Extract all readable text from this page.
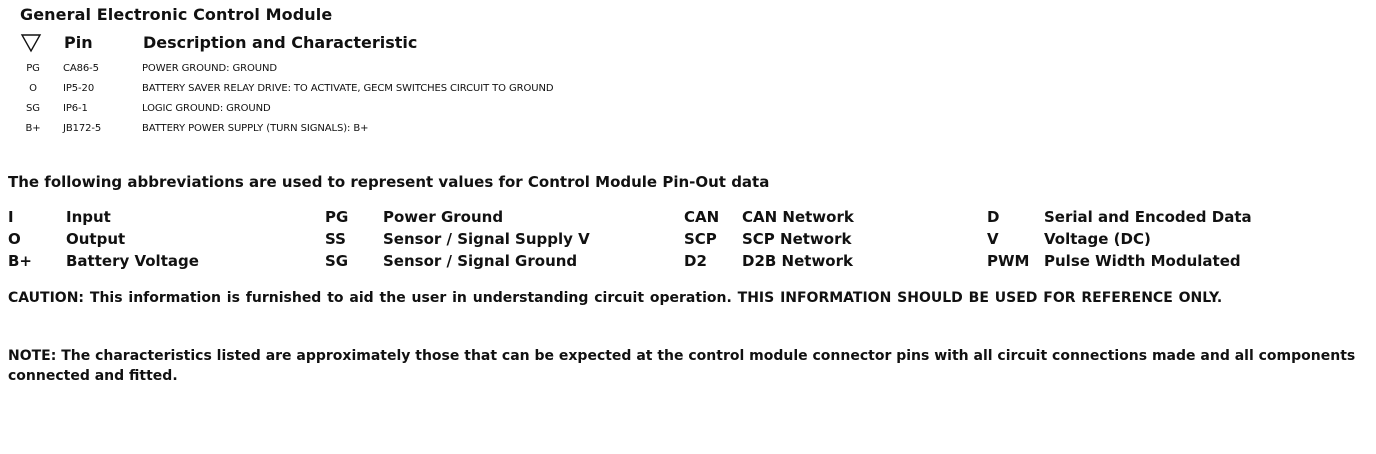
General Electronic Control Module
Pin	Description and Characteristic
PG	CA86-5	POWER GROUND: GROUND
O	IP5-20	BATTERY SAVER RELAY DRIVE: TO ACTIVATE, GECM SWITCHES CIRCUIT TO GROUND
SG	IP6-1	LOGIC GROUND: GROUND
B+	JB172-5	BATTERY POWER SUPPLY (TURN SIGNALS): B+
The following abbreviations are used to represent values for Control Module Pin-Out data
I	Input	PG Power Ground	CAN CAN Network	D	Serial and Encoded Data
O	Output	SS Sensor / Signal Supply V	SCP SCP Network	V	Voltage (DC)
B+ Battery Voltage	SG Sensor / Signal Ground	D2 D2B Network	PWM Pulse Width Modulated
CAUTION: This information is furnished to aid the user in understanding circuit operation. THIS INFORMATION SHOULD BE USED FOR REFERENCE ONLY.
NOTE: The characteristics listed are approximately those that can be expected at the control module connector pins with all circuit connections made and all components connected and fitted.
